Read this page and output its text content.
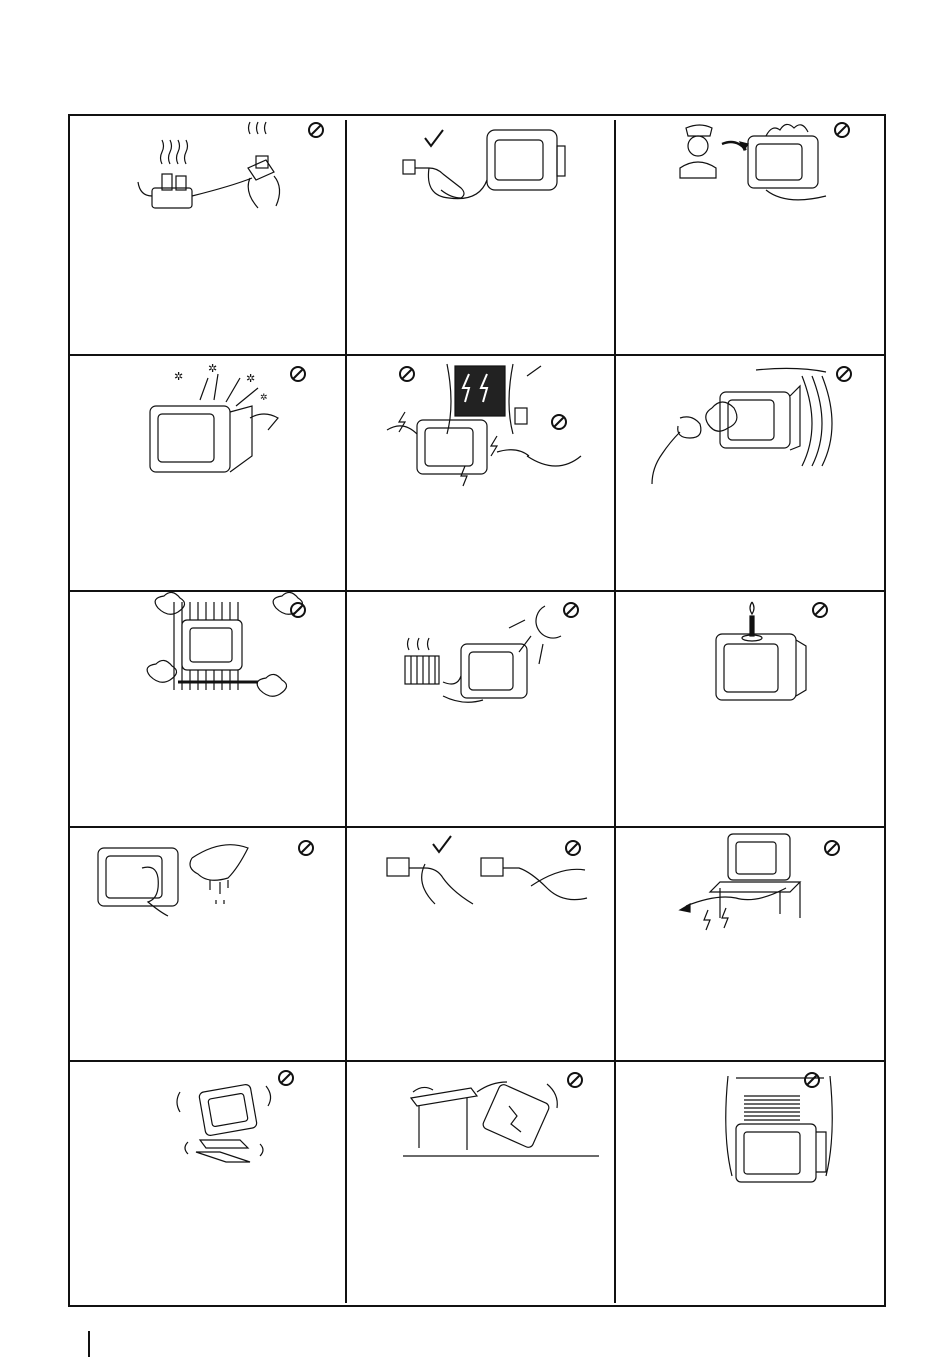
✲
✲
✲
✲
